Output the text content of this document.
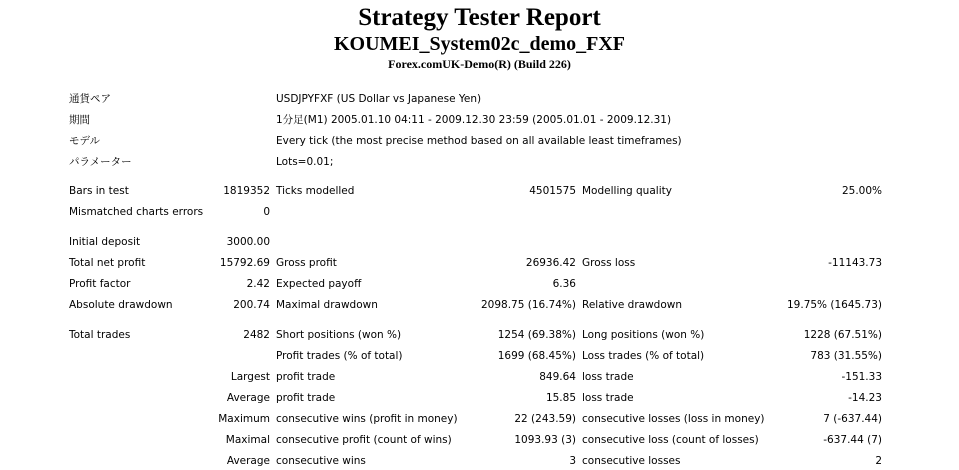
Strategy Tester Report
KOUMEI_System02c_demo_FXF
Forex.comUK-Demo(R) (Build 226)
通貨ペア	USDJPYFXF (US Dollar vs Japanese Yen)
期間	1分足(M1) 2005.01.10 04:11 - 2009.12.30 23:59 (2005.01.01 - 2009.12.31)
モデル	Every tick (the most precise method based on all available least timeframes)
パラメーター	Lots=0.01;
Bars in test	1819352 Ticks modelled	4501575 Modelling quality	25.00%
Mismatched charts errors	0
Initial deposit	3000.00
Total net profit	15792.69 Gross profit	26936.42 Gross loss	-11143.73
Profit factor	2.42 Expected payoff	6.36
Absolute drawdown	200.74 Maximal drawdown	2098.75 (16.74%) Relative drawdown	19.75% (1645.73)
Total trades	2482 Short positions (won %)	1254 (69.38%) Long positions (won %)	1228 (67.51%)
Profit trades (% of total)	1699 (68.45%) Loss trades (% of total)	783 (31.55%)
Largest profit trade	849.64 loss trade	-151.33
Average profit trade	15.85 loss trade	-14.23
Maximum consecutive wins (profit in money)	22 (243.59) consecutive losses (loss in money)	7 (-637.44)
Maximal consecutive profit (count of wins)	1093.93 (3) consecutive loss (count of losses)	-637.44 (7)
Average consecutive wins	3 consecutive losses	2
